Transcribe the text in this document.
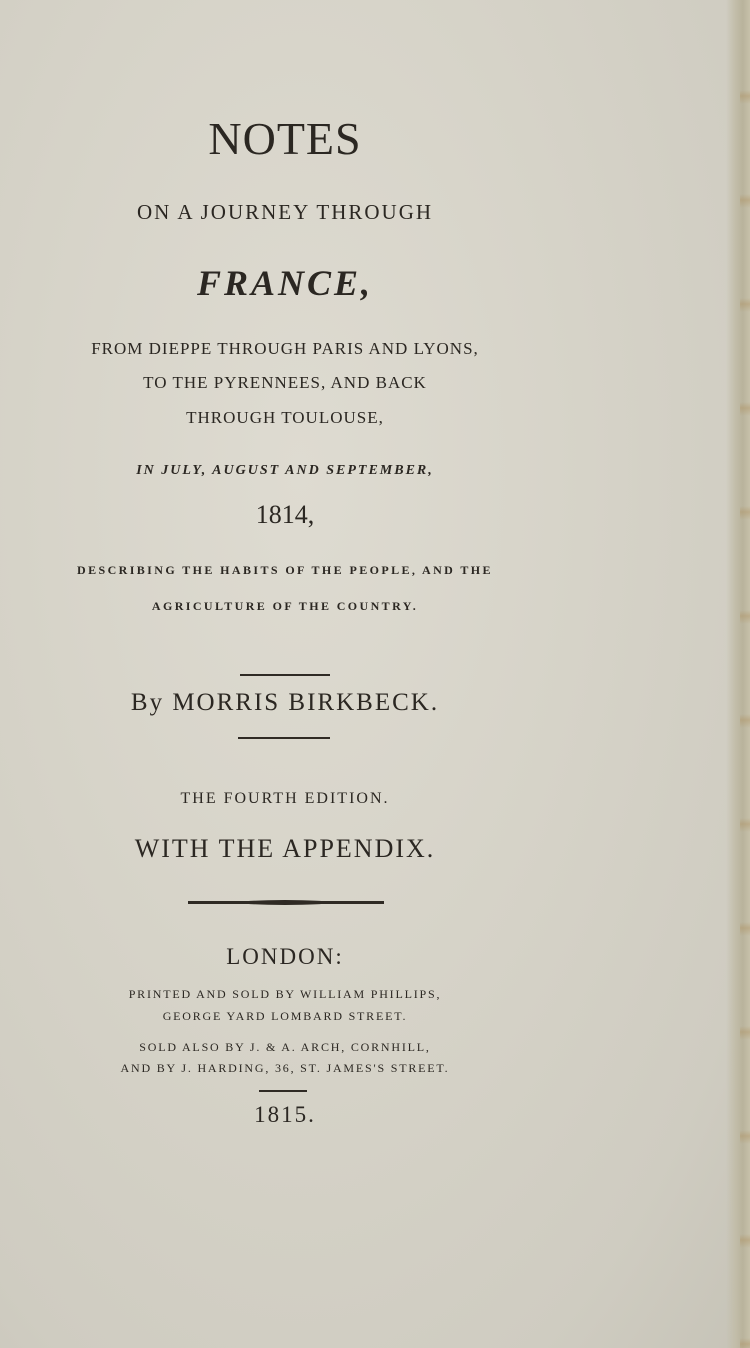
NOTES
ON A JOURNEY THROUGH
FRANCE,
FROM DIEPPE THROUGH PARIS AND LYONS,
TO THE PYRENNEES, AND BACK
THROUGH TOULOUSE,
IN JULY, AUGUST AND SEPTEMBER,
1814,
DESCRIBING THE HABITS OF THE PEOPLE, AND THE
AGRICULTURE OF THE COUNTRY.
By MORRIS BIRKBECK.
THE FOURTH EDITION.
WITH THE APPENDIX.
LONDON:
PRINTED AND SOLD BY WILLIAM PHILLIPS,
GEORGE YARD LOMBARD STREET.
SOLD ALSO BY J. & A. ARCH, CORNHILL,
AND BY J. HARDING, 36, ST. JAMES'S STREET.
1815.
